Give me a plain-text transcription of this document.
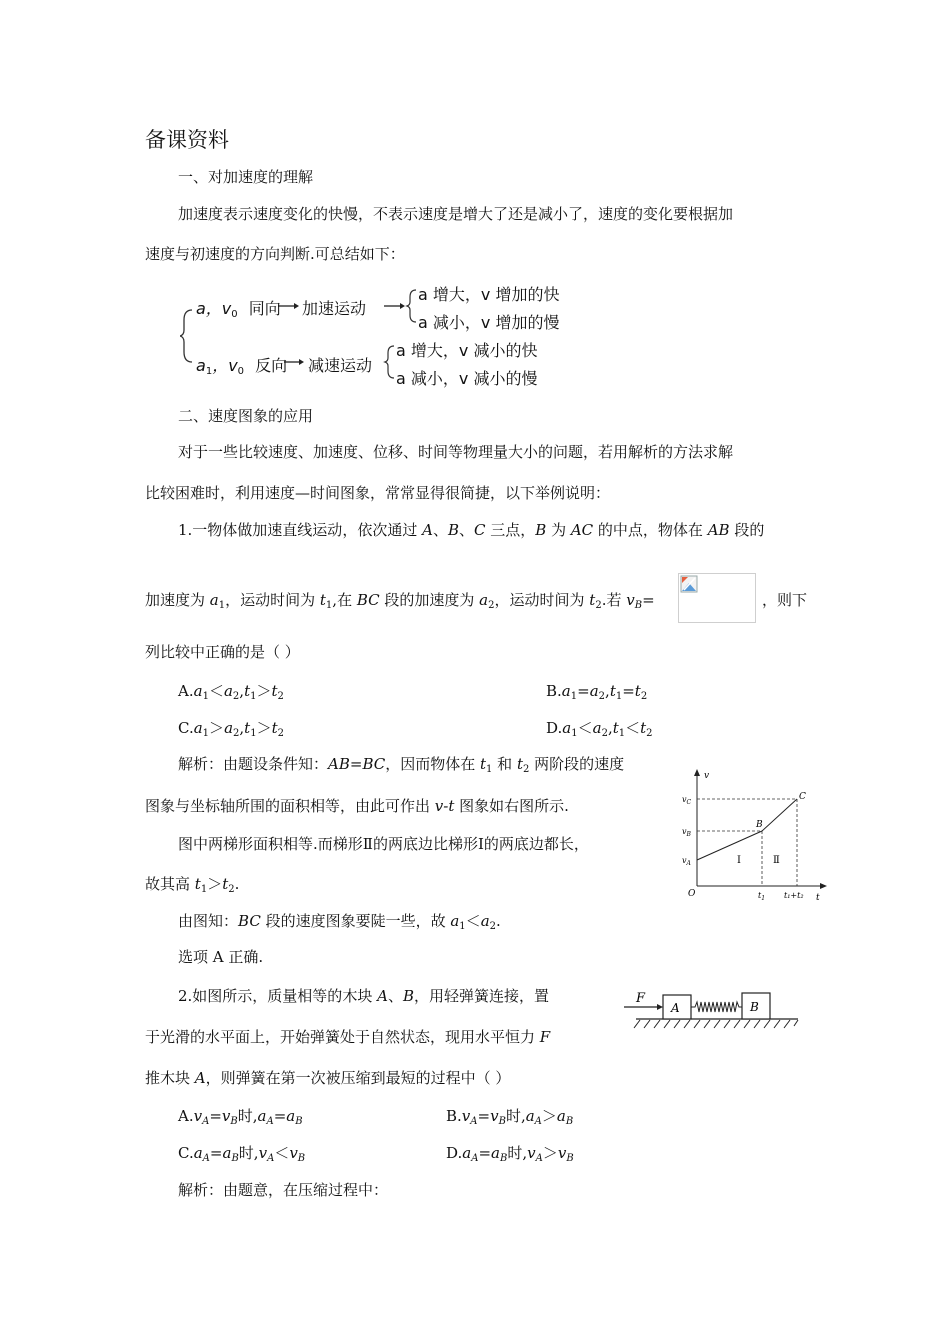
备课资料
一、对加速度的理解
加速度表示速度变化的快慢，不表示速度是增大了还是减小了，速度的变化要根据加
速度与初速度的方向判断.可总结如下：
a，$v_0$ 同向 加速运动
a 增大，v 增加的快
a 减小，v 增加的慢
$a_1$，$v_0$ 反向 减速运动
a 增大，v 减小的快
a 减小，v 减小的慢
二、速度图象的应用
对于一些比较速度、加速度、位移、时间等物理量大小的问题，若用解析的方法求解
比较困难时，利用速度—时间图象，常常显得很简捷，以下举例说明：
1.一物体做加速直线运动，依次通过 A、B、C 三点，B 为 AC 的中点，物体在 AB 段的
加速度为 $a_1$，运动时间为 $t_1$,在 BC 段的加速度为 $a_2$，运动时间为 $t_2$.若 $v_B=$	，则下
列比较中正确的是（ ）
$A.a_1<a_2,t_1>t_2$	$B.a_1=a_2,t_1=t_2$
$C.a_1>a_2,t_1>t_2$	$D.a_1<a_2,t_1<t_2$
解析：由题设条件知：AB=BC，因而物体在 $t_1$ 和 $t_2$ 两阶段的速度
图象与坐标轴所围的面积相等，由此可作出 v-t 图象如右图所示.
图中两梯形面积相等.而梯形Ⅱ的两底边比梯形Ⅰ的两底边都长，
故其高 $t_1>t_2$.
由图知：BC 段的速度图象要陡一些，故 $a_1<a_2$.
选项 A 正确.
v
t
O
$v_C$
$v_B$
$v_A$
B
C
Ⅰ	Ⅱ
$t_1$ t₁+t₂
2.如图所示，质量相等的木块 A、B，用轻弹簧连接，置
于光滑的水平面上，开始弹簧处于自然状态，现用水平恒力 F
推木块 A，则弹簧在第一次被压缩到最短的过程中（ ）
$A.v_A=v_B$时$,a_A=a_B$	$B.v_A=v_B$时$,a_A>a_B$
$C.a_A=a_B$时$,v_A<v_B$	$D.a_A=a_B$时$,v_A>v_B$
解析：由题意，在压缩过程中：
F
A	B
